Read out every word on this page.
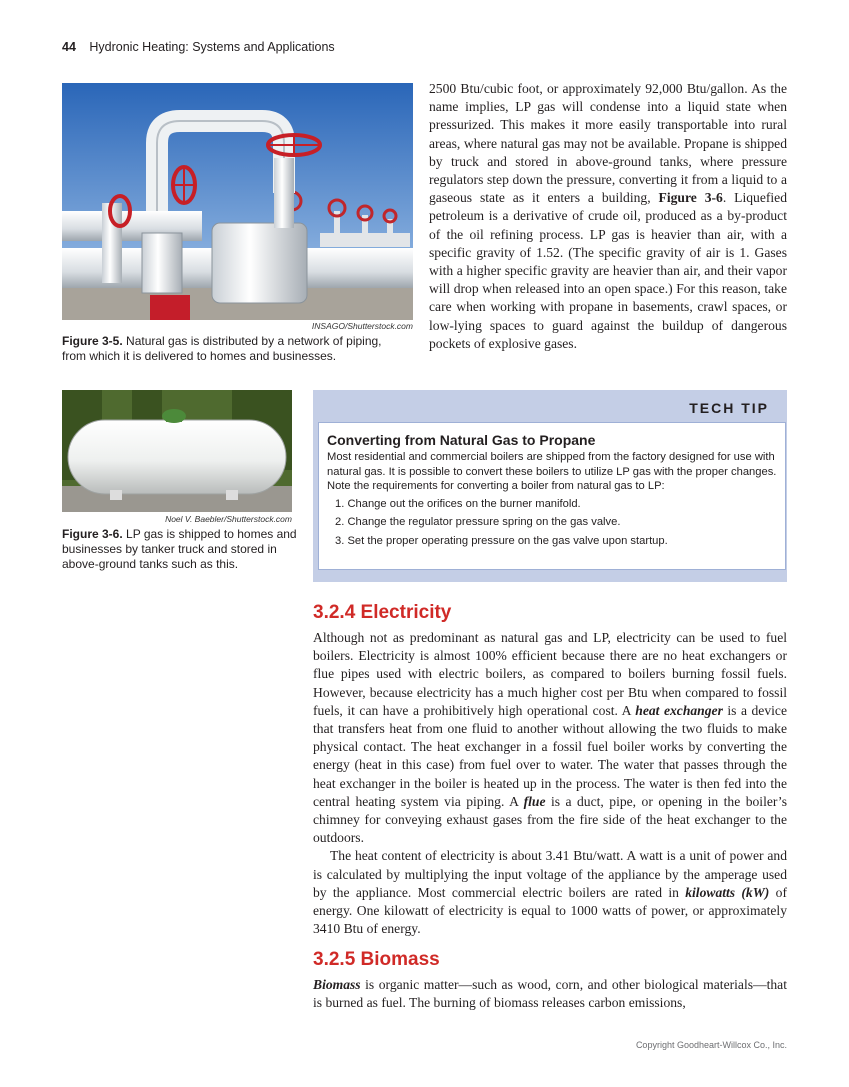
44 Hydronic Heating: Systems and Applications
INSAGO/Shutterstock.com
Figure 3-5. Natural gas is distributed by a network of piping, from which it is delivered to homes and businesses.

2500 Btu/cubic foot, or approximately 92,000 Btu/gallon. As the name implies, LP gas will condense into a liquid state when pressurized. This makes it more easily transportable into rural areas, where natural gas may not be available. Propane is shipped by truck and stored in above-ground tanks, where pressure regulators step down the pressure, converting it from a liquid to a gaseous state as it enters a building, Figure 3-6. Liquefied petroleum is a derivative of crude oil, produced as a by-product of the oil refining process. LP gas is heavier than air, with a specific gravity of 1.52. (The specific gravity of air is 1. Gases with a higher specific gravity are heavier than air, and their vapor will drop when released into an open space.) For this reason, take care when working with propane in basements, crawl spaces, or low-lying spaces to guard against the buildup of dangerous pockets of explosive gases.

Noel V. Baebler/Shutterstock.com
Figure 3-6. LP gas is shipped to homes and businesses by tanker truck and stored in above-ground tanks such as this.
TECH TIP
Converting from Natural Gas to Propane

Most residential and commercial boilers are shipped from the factory designed for use with natural gas. It is possible to convert these boilers to utilize LP gas with the proper changes. Note the requirements for converting a boiler from natural gas to LP:

1. Change out the orifices on the burner manifold.
2. Change the regulator pressure spring on the gas valve.
3. Set the proper operating pressure on the gas valve upon startup.
3.2.4 Electricity

Although not as predominant as natural gas and LP, electricity can be used to fuel boilers. Electricity is almost 100% efficient because there are no heat exchangers or flue pipes used with electric boilers, as compared to boilers burning fossil fuels. However, because electricity has a much higher cost per Btu when compared to fossil fuels, it can have a prohibitively high operational cost. A heat exchanger is a device that transfers heat from one fluid to another without allowing the two fluids to make physical contact. The heat exchanger in a fossil fuel boiler works by converting the energy (heat in this case) from fuel over to water. The water that passes through the heat exchanger in the boiler is heated up in the process. The water is then fed into the central heating system via piping. A flue is a duct, pipe, or opening in the boiler’s chimney for conveying exhaust gases from the fire side of the heat exchanger to the outdoors.

The heat content of electricity is about 3.41 Btu/watt. A watt is a unit of power and is calculated by multiplying the input voltage of the appliance by the amperage used by the appliance. Most commercial electric boilers are rated in kilowatts (kW) of energy. One kilowatt of electricity is equal to 1000 watts of power, or approximately 3410 Btu of energy.

3.2.5 Biomass

Biomass is organic matter—such as wood, corn, and other biological materials—that is burned as fuel. The burning of biomass releases carbon emissions,

Copyright Goodheart-Willcox Co., Inc.
